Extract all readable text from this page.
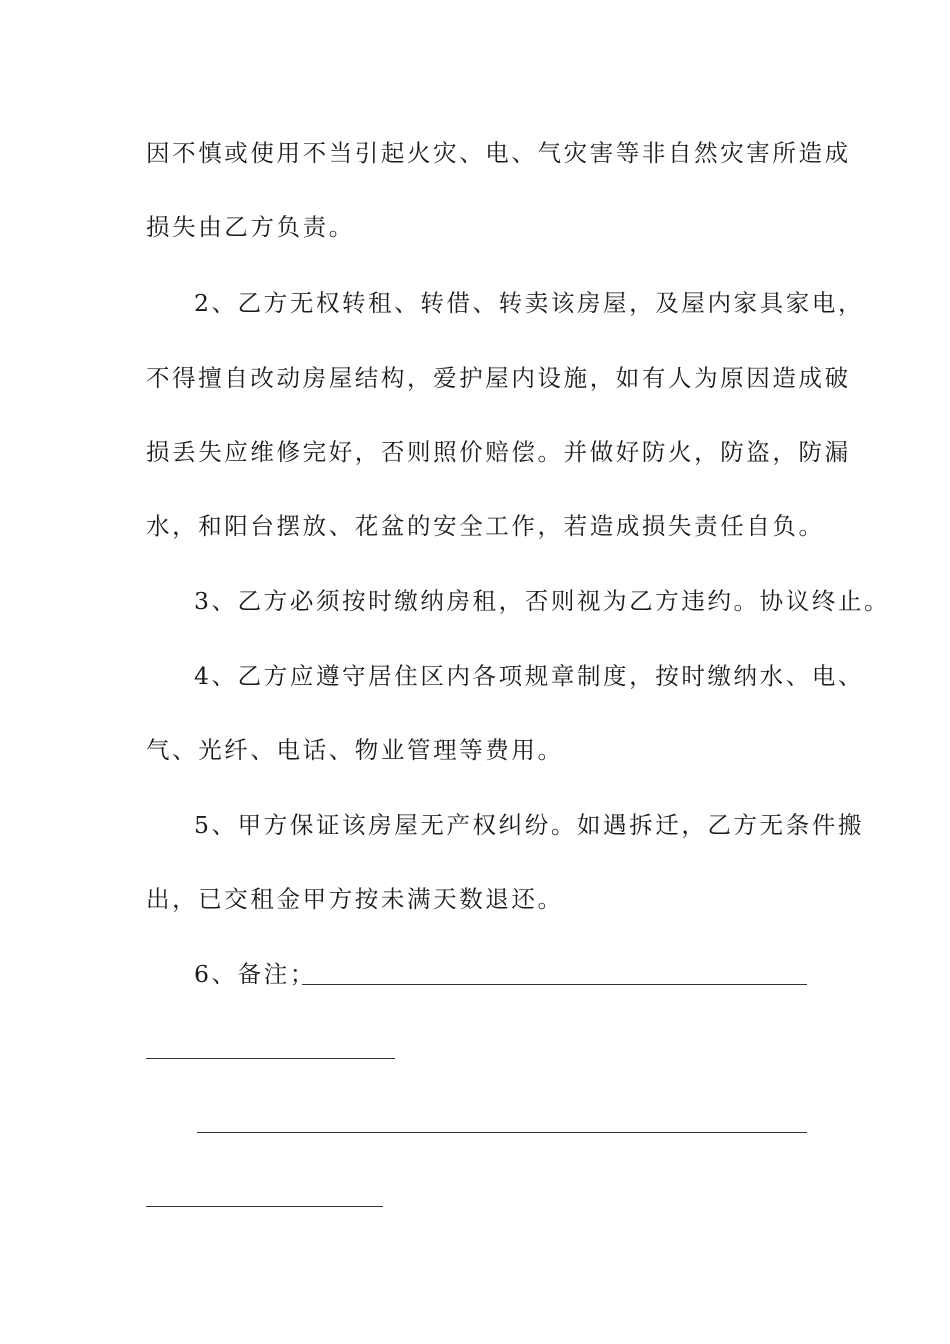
因不慎或使用不当引起火灾、电、气灾害等非自然灾害所造成
损失由乙方负责。
2、乙方无权转租、转借、转卖该房屋，及屋内家具家电，
不得擅自改动房屋结构，爱护屋内设施，如有人为原因造成破
损丢失应维修完好，否则照价赔偿。并做好防火，防盗，防漏
水，和阳台摆放、花盆的安全工作，若造成损失责任自负。
3、乙方必须按时缴纳房租，否则视为乙方违约。协议终止。
4、乙方应遵守居住区内各项规章制度，按时缴纳水、电、
气、光纤、电话、物业管理等费用。
5、甲方保证该房屋无产权纠纷。如遇拆迁，乙方无条件搬
出，已交租金甲方按未满天数退还。
6、备注；
